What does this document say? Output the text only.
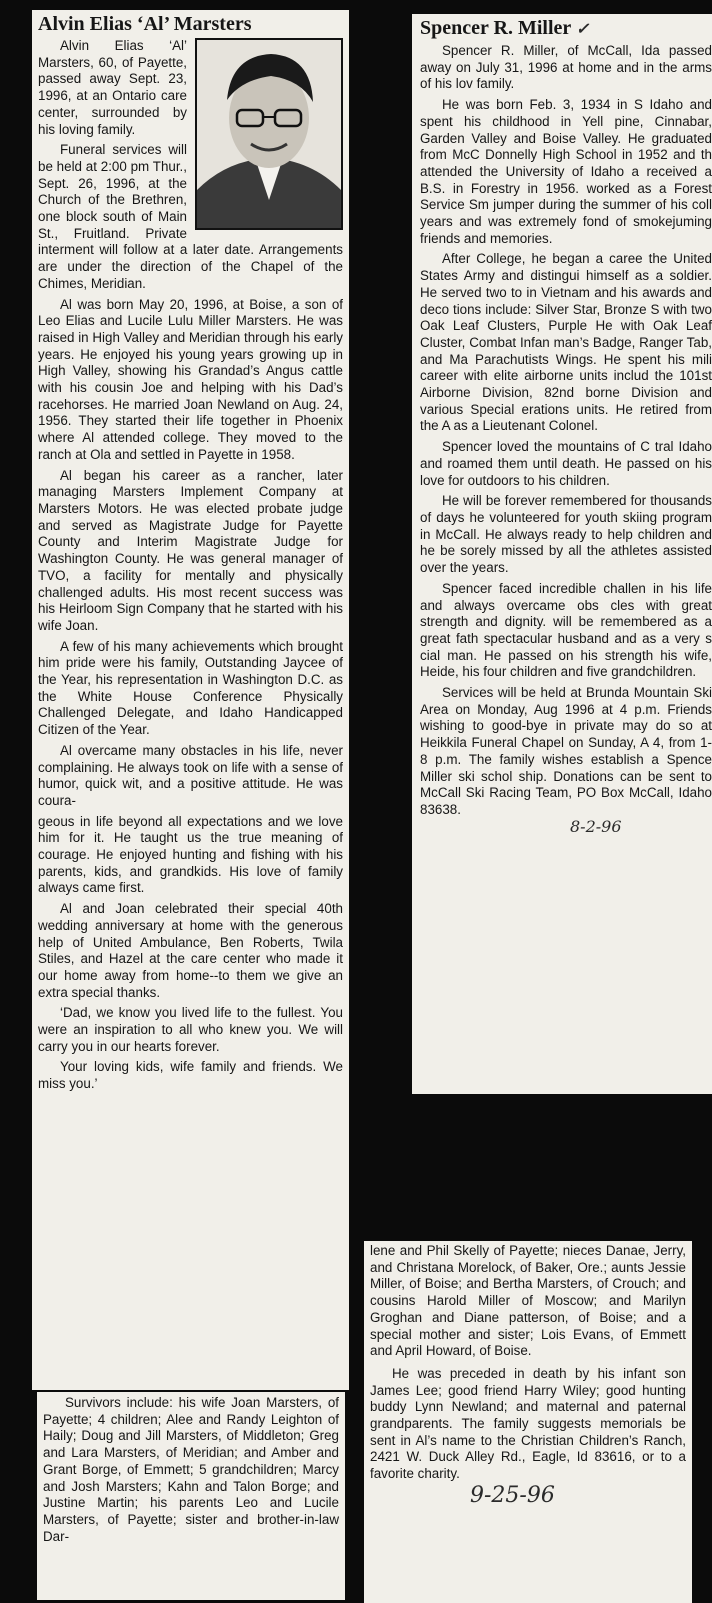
Alvin Elias ‘Al’ Marsters

Alvin Elias ‘Al’ Marsters, 60, of Payette, passed away Sept. 23, 1996, at an Ontario care center, surrounded by his loving family.

Funeral services will be held at 2:00 pm Thur., Sept. 26, 1996, at the Church of the Brethren, one block south of Main St., Fruitland. Private interment will follow at a later date. Arrangements are under the direction of the Chapel of the Chimes, Meridian.

Al was born May 20, 1996, at Boise, a son of Leo Elias and Lucile Lulu Miller Marsters. He was raised in High Valley and Meridian through his early years. He enjoyed his young years growing up in High Valley, showing his Grandad’s Angus cattle with his cousin Joe and helping with his Dad’s racehorses. He married Joan Newland on Aug. 24, 1956. They started their life together in Phoenix where Al attended college. They moved to the ranch at Ola and settled in Payette in 1958.

Al began his career as a rancher, later managing Marsters Implement Company at Marsters Motors. He was elected probate judge and served as Magistrate Judge for Payette County and Interim Magistrate Judge for Washington County. He was general manager of TVO, a facility for mentally and physically challenged adults. His most recent success was his Heirloom Sign Company that he started with his wife Joan.

A few of his many achievements which brought him pride were his family, Outstanding Jaycee of the Year, his representation in Washington D.C. as the White House Conference Physically Challenged Delegate, and Idaho Handicapped Citizen of the Year.

Al overcame many obstacles in his life, never complaining. He always took on life with a sense of humor, quick wit, and a positive attitude. He was coura-

geous in life beyond all expectations and we love him for it. He taught us the true meaning of courage. He enjoyed hunting and fishing with his parents, kids, and grandkids. His love of family always came first.

Al and Joan celebrated their special 40th wedding anniversary at home with the generous help of United Ambulance, Ben Roberts, Twila Stiles, and Hazel at the care center who made it our home away from home--to them we give an extra special thanks.

‘Dad, we know you lived life to the fullest. You were an inspiration to all who knew you. We will carry you in our hearts forever.

Your loving kids, wife family and friends. We miss you.’

Survivors include: his wife Joan Marsters, of Payette; 4 children; Alee and Randy Leighton of Haily; Doug and Jill Marsters, of Middleton; Greg and Lara Marsters, of Meridian; and Amber and Grant Borge, of Emmett; 5 grandchildren; Marcy and Josh Marsters; Kahn and Talon Borge; and Justine Martin; his parents Leo and Lucile Marsters, of Payette; sister and brother-in-law Dar-

Spencer R. Miller ✓

Spencer R. Miller, of McCall, Ida passed away on July 31, 1996 at home and in the arms of his lov family.

He was born Feb. 3, 1934 in S Idaho and spent his childhood in Yell pine, Cinnabar, Garden Valley and Boise Valley. He graduated from McC Donnelly High School in 1952 and th attended the University of Idaho a received a B.S. in Forestry in 1956. worked as a Forest Service Sm jumper during the summer of his coll years and was extremely fond of smokejuming friends and memories.

After College, he began a caree the United States Army and distingui himself as a soldier. He served two to in Vietnam and his awards and deco tions include: Silver Star, Bronze S with two Oak Leaf Clusters, Purple He with Oak Leaf Cluster, Combat Infan man’s Badge, Ranger Tab, and Ma Parachutists Wings. He spent his mili career with elite airborne units includ the 101st Airborne Division, 82nd borne Division and various Special erations units. He retired from the A as a Lieutenant Colonel.

Spencer loved the mountains of C tral Idaho and roamed them until death. He passed on his love for outdoors to his children.

He will be forever remembered for thousands of days he volunteered for youth skiing program in McCall. He always ready to help children and he be sorely missed by all the athletes assisted over the years.

Spencer faced incredible challen in his life and always overcame obs cles with great strength and dignity. will be remembered as a great fath spectacular husband and as a very s cial man. He passed on his strength his wife, Heide, his four children and five grandchildren.

Services will be held at Brunda Mountain Ski Area on Monday, Aug 1996 at 4 p.m. Friends wishing to good-bye in private may do so at Heikkila Funeral Chapel on Sunday, A 4, from 1-8 p.m. The family wishes establish a Spence Miller ski schol ship. Donations can be sent to McCall Ski Racing Team, PO Box McCall, Idaho 83638.

8-2-96

lene and Phil Skelly of Payette; nieces Danae, Jerry, and Christana Morelock, of Baker, Ore.; aunts Jessie Miller, of Boise; and Bertha Marsters, of Crouch; and cousins Harold Miller of Moscow; and Marilyn Groghan and Diane patterson, of Boise; and a special mother and sister; Lois Evans, of Emmett and April Howard, of Boise.

He was preceded in death by his infant son James Lee; good friend Harry Wiley; good hunting buddy Lynn Newland; and maternal and paternal grandparents. The family suggests memorials be sent in Al’s name to the Christian Children’s Ranch, 2421 W. Duck Alley Rd., Eagle, Id 83616, or to a favorite charity.

9-25-96
